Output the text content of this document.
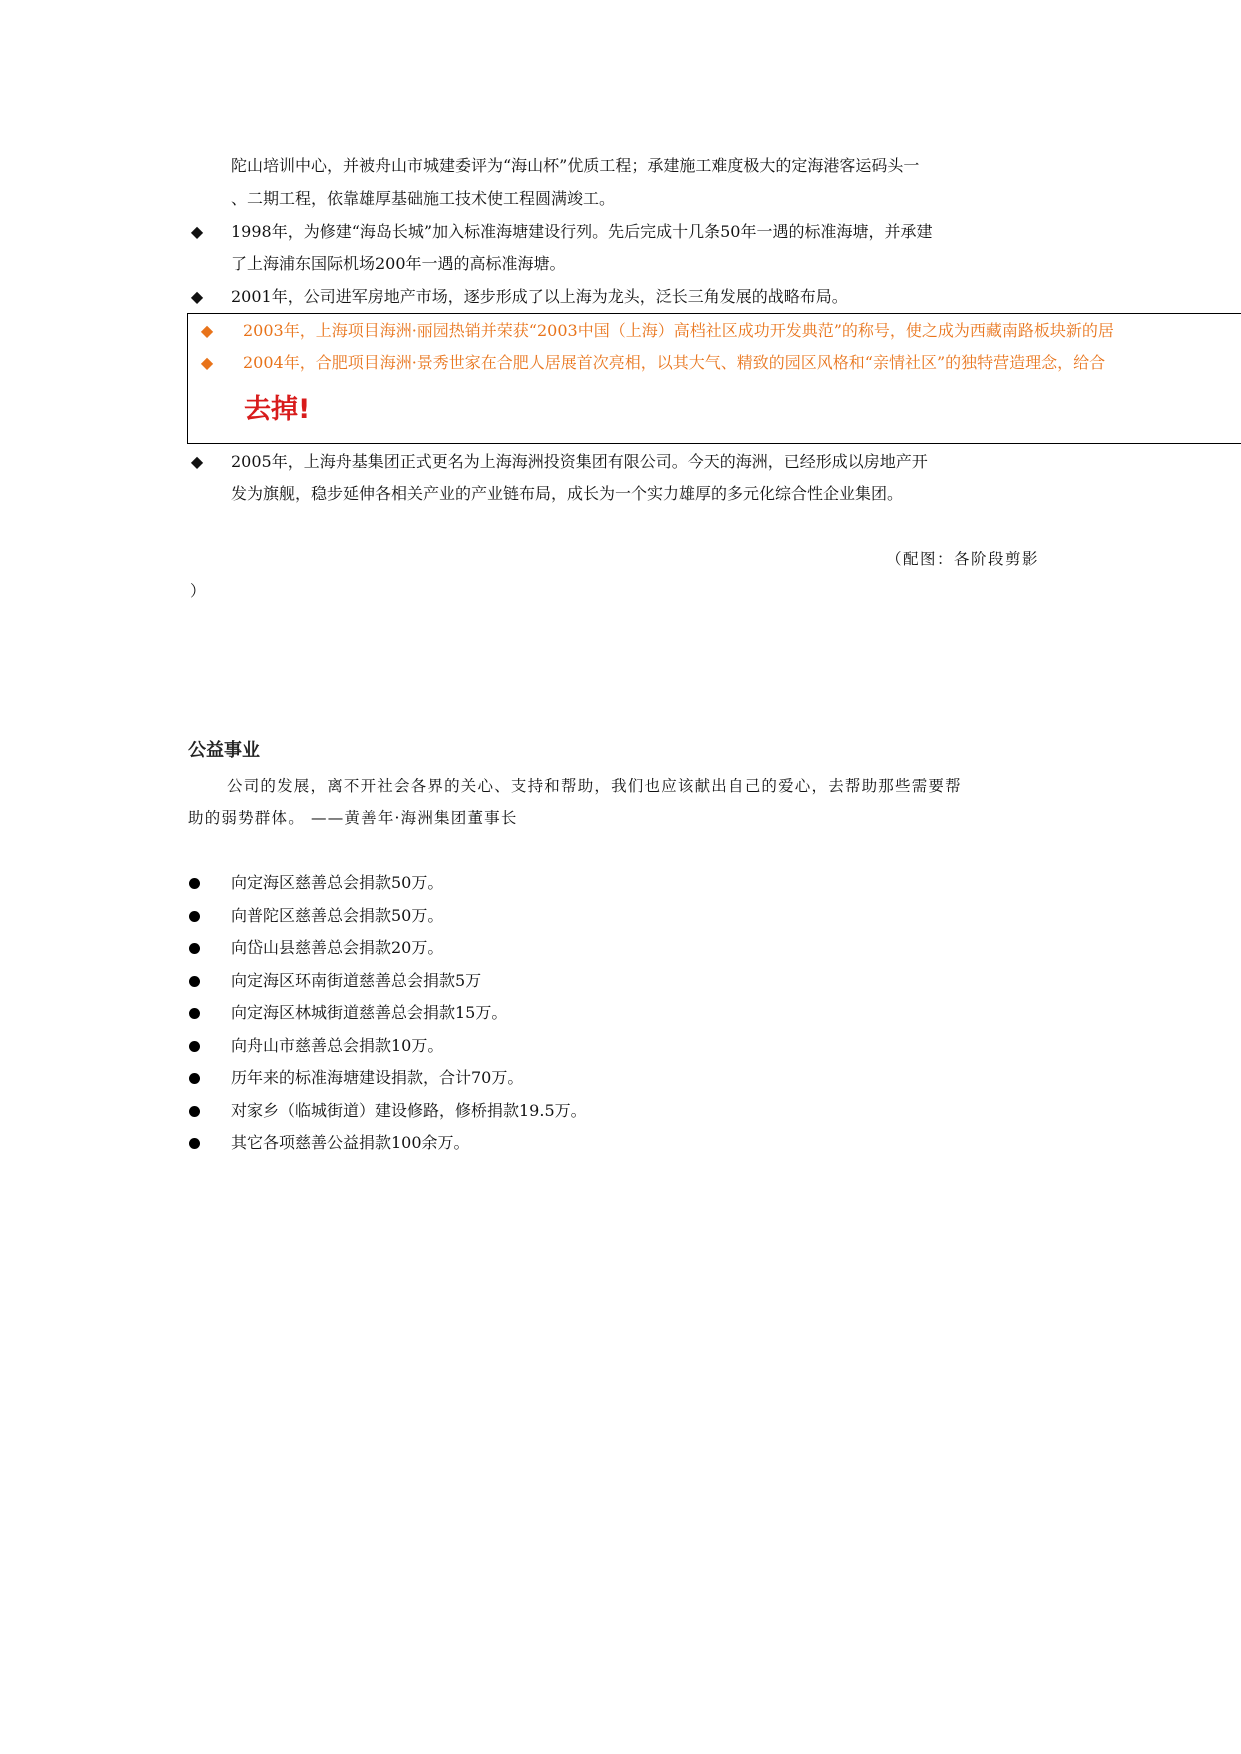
陀山培训中心，并被舟山市城建委评为“海山杯”优质工程；承建施工难度极大的定海港客运码头一
、二期工程，依靠雄厚基础施工技术使工程圆满竣工。
◆ 1998年，为修建“海岛长城”加入标准海塘建设行列。先后完成十几条50年一遇的标准海塘，并承建
了上海浦东国际机场200年一遇的高标准海塘。
◆ 2001年，公司进军房地产市场，逐步形成了以上海为龙头，泛长三角发展的战略布局。
◆ 2003年，上海项目海洲·丽园热销并荣获“2003中国（上海）高档社区成功开发典范”的称号，使之成为西藏南路板块新的居
◆ 2004年，合肥项目海洲·景秀世家在合肥人居展首次亮相，以其大气、精致的园区风格和“亲情社区”的独特营造理念，给合
去掉!
◆ 2005年，上海舟基集团正式更名为上海海洲投资集团有限公司。今天的海洲，已经形成以房地产开
发为旗舰，稳步延伸各相关产业的产业链布局，成长为一个实力雄厚的多元化综合性企业集团。
（配图：各阶段剪影
）
公益事业
公司的发展，离不开社会各界的关心、支持和帮助，我们也应该献出自己的爱心，去帮助那些需要帮
助的弱势群体。 ——黄善年·海洲集团董事长
向定海区慈善总会捐款50万。
向普陀区慈善总会捐款50万。
向岱山县慈善总会捐款20万。
向定海区环南街道慈善总会捐款5万
向定海区林城街道慈善总会捐款15万。
向舟山市慈善总会捐款10万。
历年来的标准海塘建设捐款，合计70万。
对家乡（临城街道）建设修路，修桥捐款19.5万。
其它各项慈善公益捐款100余万。
